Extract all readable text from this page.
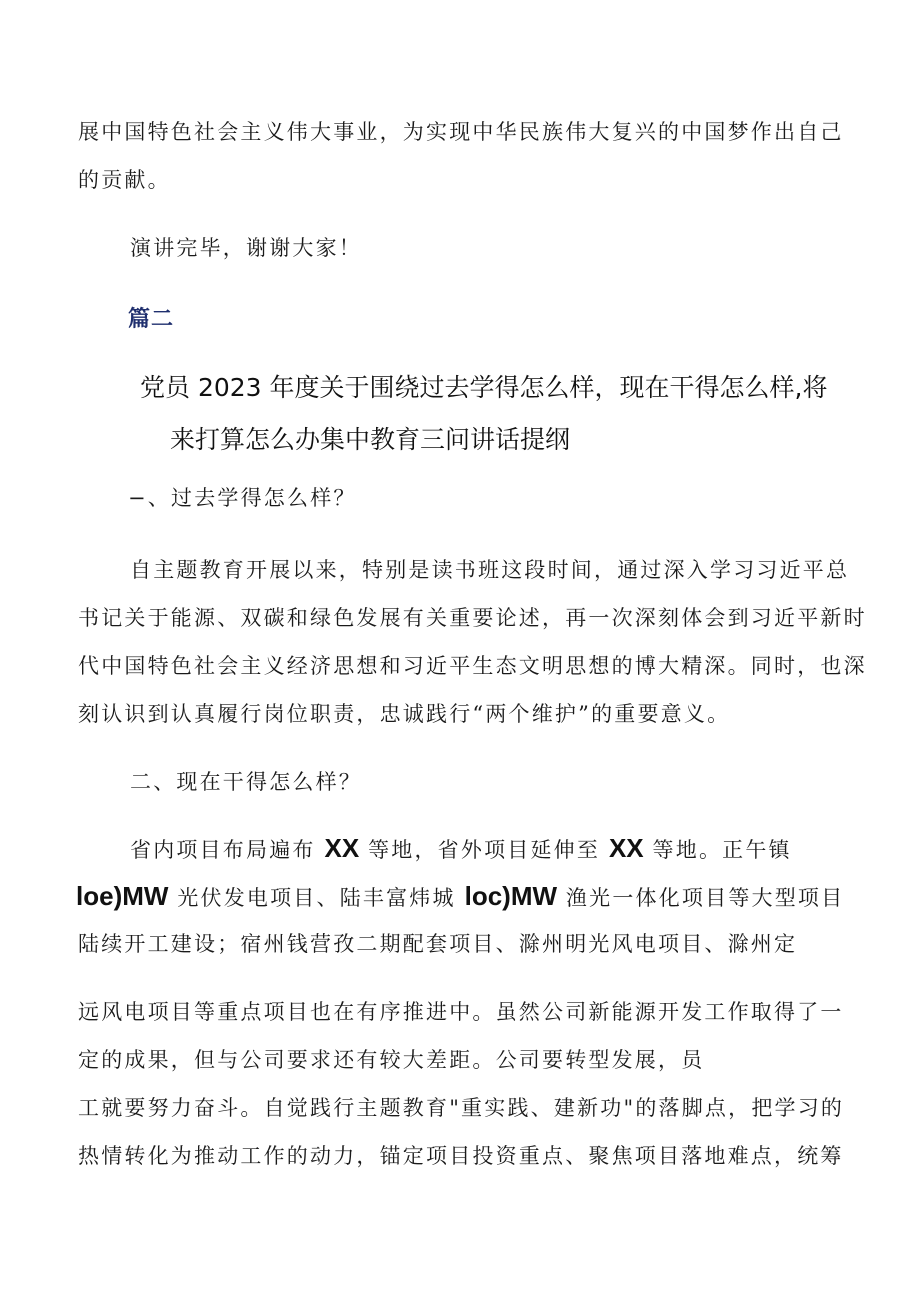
展中国特色社会主义伟大事业，为实现中华民族伟大复兴的中国梦作出自己
的贡献。
演讲完毕，谢谢大家！
篇二
党员 2023 年度关于围绕过去学得怎么样，现在干得怎么样,将
来打算怎么办集中教育三问讲话提纲
−、过去学得怎么样？
自主题教育开展以来，特别是读书班这段时间，通过深入学习习近平总
书记关于能源、双碳和绿色发展有关重要论述，再一次深刻体会到习近平新时
代中国特色社会主义经济思想和习近平生态文明思想的博大精深。同时，也深
刻认识到认真履行岗位职责，忠诚践行“两个维护”的重要意义。
二、现在干得怎么样？
省内项目布局遍布 XX 等地，省外项目延伸至 XX 等地。正午镇
loe)MW 光伏发电项目、陆丰富炜城 loc)MW 渔光一体化项目等大型项目
陆续开工建设；宿州钱营孜二期配套项目、滁州明光风电项目、滁州定
远风电项目等重点项目也在有序推进中。虽然公司新能源开发工作取得了一
定的成果，但与公司要求还有较大差距。公司要转型发展，员
工就要努力奋斗。自觉践行主题教育"重实践、建新功"的落脚点，把学习的
热情转化为推动工作的动力，锚定项目投资重点、聚焦项目落地难点，统筹
